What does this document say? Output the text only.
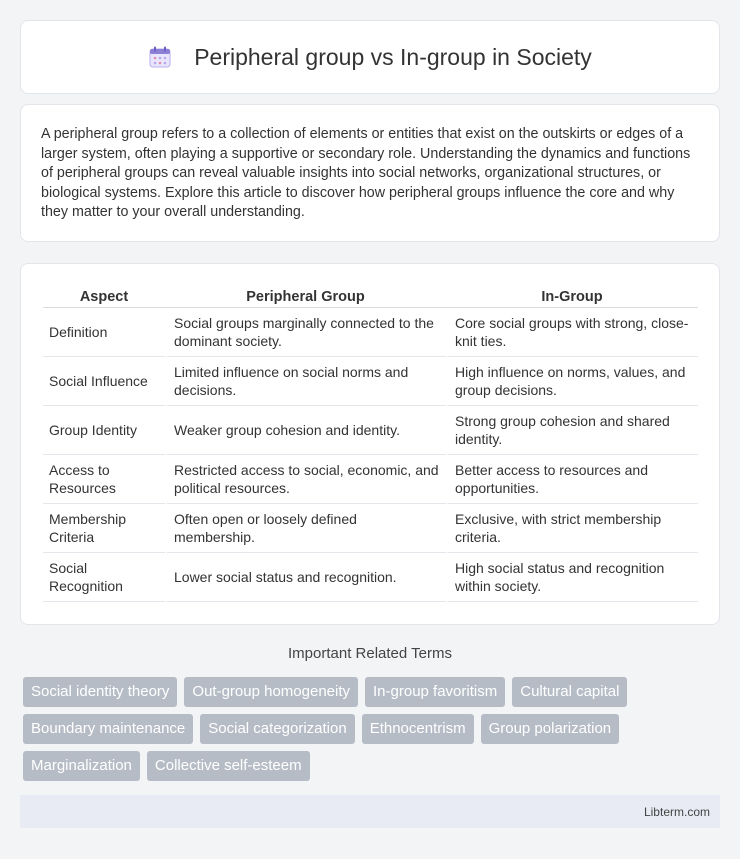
Peripheral group vs In-group in Society

A peripheral group refers to a collection of elements or entities that exist on the outskirts or edges of a larger system, often playing a supportive or secondary role. Understanding the dynamics and functions of peripheral groups can reveal valuable insights into social networks, organizational structures, or biological systems. Explore this article to discover how peripheral groups influence the core and why they matter to your overall understanding.

Aspect	Peripheral Group	In-Group
Definition	Social groups marginally connected to the dominant society.	Core social groups with strong, close-knit ties.
Social Influence	Limited influence on social norms and decisions.	High influence on norms, values, and group decisions.
Group Identity	Weaker group cohesion and identity.	Strong group cohesion and shared identity.
Access to Resources	Restricted access to social, economic, and political resources.	Better access to resources and opportunities.
Membership Criteria	Often open or loosely defined membership.	Exclusive, with strict membership criteria.
Social Recognition	Lower social status and recognition.	High social status and recognition within society.
Important Related Terms
Social identity theory	Out-group homogeneity	In-group favoritism	Cultural capital
Boundary maintenance	Social categorization	Ethnocentrism	Group polarization
Marginalization	Collective self-esteem
Libterm.com
